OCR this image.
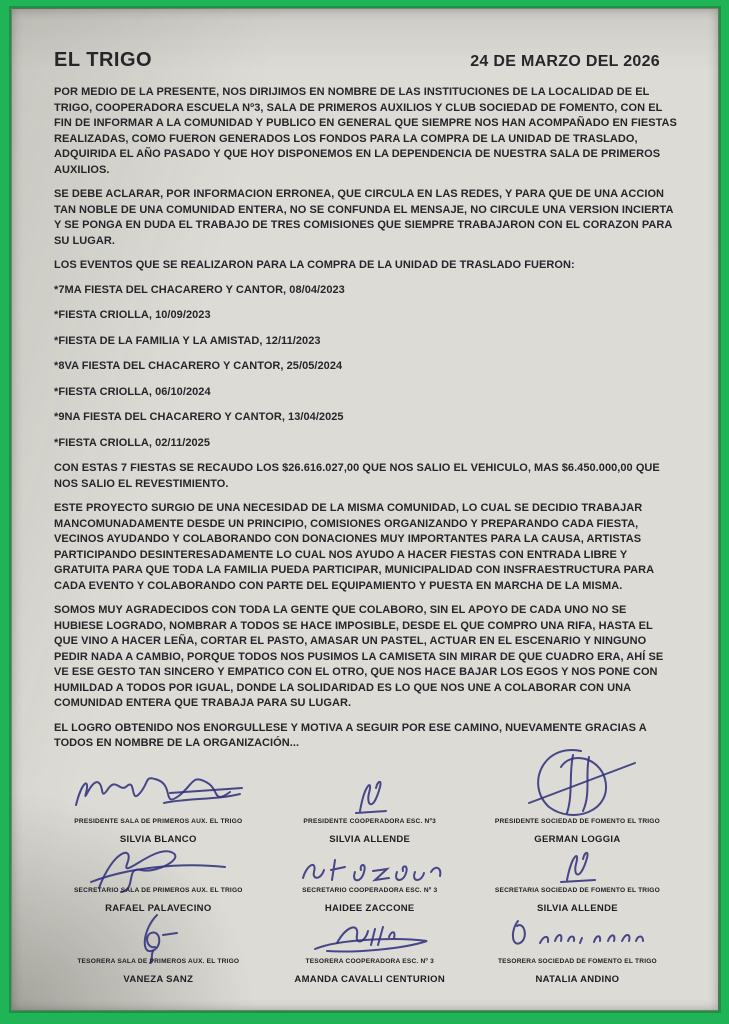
EL TRIGO	24 DE MARZO DEL 2026

POR MEDIO DE LA PRESENTE, NOS DIRIJIMOS EN NOMBRE DE LAS INSTITUCIONES DE LA LOCALIDAD DE EL TRIGO, COOPERADORA ESCUELA Nº3, SALA DE PRIMEROS AUXILIOS Y CLUB SOCIEDAD DE FOMENTO, CON EL FIN DE INFORMAR A LA COMUNIDAD Y PUBLICO EN GENERAL QUE SIEMPRE NOS HAN ACOMPAÑADO EN FIESTAS REALIZADAS, COMO FUERON GENERADOS LOS FONDOS PARA LA COMPRA DE LA UNIDAD DE TRASLADO, ADQUIRIDA EL AÑO PASADO Y QUE HOY DISPONEMOS EN LA DEPENDENCIA DE NUESTRA SALA DE PRIMEROS AUXILIOS.

SE DEBE ACLARAR, POR INFORMACION ERRONEA, QUE CIRCULA EN LAS REDES, Y PARA QUE DE UNA ACCION TAN NOBLE DE UNA COMUNIDAD ENTERA, NO SE CONFUNDA EL MENSAJE, NO CIRCULE UNA VERSION INCIERTA Y SE PONGA EN DUDA EL TRABAJO DE TRES COMISIONES QUE SIEMPRE TRABAJARON CON EL CORAZON PARA SU LUGAR.

LOS EVENTOS QUE SE REALIZARON PARA LA COMPRA DE LA UNIDAD DE TRASLADO FUERON:

*7MA FIESTA DEL CHACARERO Y CANTOR, 08/04/2023

*FIESTA CRIOLLA, 10/09/2023

*FIESTA DE LA FAMILIA Y LA AMISTAD, 12/11/2023

*8VA FIESTA DEL CHACARERO Y CANTOR, 25/05/2024

*FIESTA CRIOLLA, 06/10/2024

*9NA FIESTA DEL CHACARERO Y CANTOR, 13/04/2025

*FIESTA CRIOLLA, 02/11/2025

CON ESTAS 7 FIESTAS SE RECAUDO LOS $26.616.027,00 QUE NOS SALIO EL VEHICULO, MAS $6.450.000,00 QUE NOS SALIO EL REVESTIMIENTO.

ESTE PROYECTO SURGIO DE UNA NECESIDAD DE LA MISMA COMUNIDAD, LO CUAL SE DECIDIO TRABAJAR MANCOMUNADAMENTE DESDE UN PRINCIPIO, COMISIONES ORGANIZANDO Y PREPARANDO CADA FIESTA, VECINOS AYUDANDO Y COLABORANDO CON DONACIONES MUY IMPORTANTES PARA LA CAUSA, ARTISTAS PARTICIPANDO DESINTERESADAMENTE LO CUAL NOS AYUDO A HACER FIESTAS CON ENTRADA LIBRE Y GRATUITA PARA QUE TODA LA FAMILIA PUEDA PARTICIPAR, MUNICIPALIDAD CON INSFRAESTRUCTURA PARA CADA EVENTO Y COLABORANDO CON PARTE DEL EQUIPAMIENTO Y PUESTA EN MARCHA DE LA MISMA.

SOMOS MUY AGRADECIDOS CON TODA LA GENTE QUE COLABORO, SIN EL APOYO DE CADA UNO NO SE HUBIESE LOGRADO, NOMBRAR A TODOS SE HACE IMPOSIBLE, DESDE EL QUE COMPRO UNA RIFA, HASTA EL QUE VINO A HACER LEÑA, CORTAR EL PASTO, AMASAR UN PASTEL, ACTUAR EN EL ESCENARIO Y NINGUNO PEDIR NADA A CAMBIO, PORQUE TODOS NOS PUSIMOS LA CAMISETA SIN MIRAR DE QUE CUADRO ERA, AHÍ SE VE ESE GESTO TAN SINCERO Y EMPATICO CON EL OTRO, QUE NOS HACE BAJAR LOS EGOS Y NOS PONE CON HUMILDAD A TODOS POR IGUAL, DONDE LA SOLIDARIDAD ES LO QUE NOS UNE A COLABORAR CON UNA COMUNIDAD ENTERA QUE TRABAJA PARA SU LUGAR.

EL LOGRO OBTENIDO NOS ENORGULLESE Y MOTIVA A SEGUIR POR ESE CAMINO, NUEVAMENTE GRACIAS A TODOS EN NOMBRE DE LA ORGANIZACIÓN...

PRESIDENTE SALA DE PRIMEROS AUX. EL TRIGO
SILVIA BLANCO
PRESIDENTE COOPERADORA ESC. Nº3
SILVIA ALLENDE
PRESIDENTE SOCIEDAD DE FOMENTO EL TRIGO
GERMAN LOGGIA
SECRETARIO SALA DE PRIMEROS AUX. EL TRIGO
RAFAEL PALAVECINO
SECRETARIO COOPERADORA ESC. Nº 3
HAIDEE ZACCONE
SECRETARIA SOCIEDAD DE FOMENTO EL TRIGO
SILVIA ALLENDE
TESORERA SALA DE PRIMEROS AUX. EL TRIGO
VANEZA SANZ
TESORERA COOPERADORA ESC. Nº 3
AMANDA CAVALLI CENTURION
TESORERA SOCIEDAD DE FOMENTO EL TRIGO
NATALIA ANDINO
